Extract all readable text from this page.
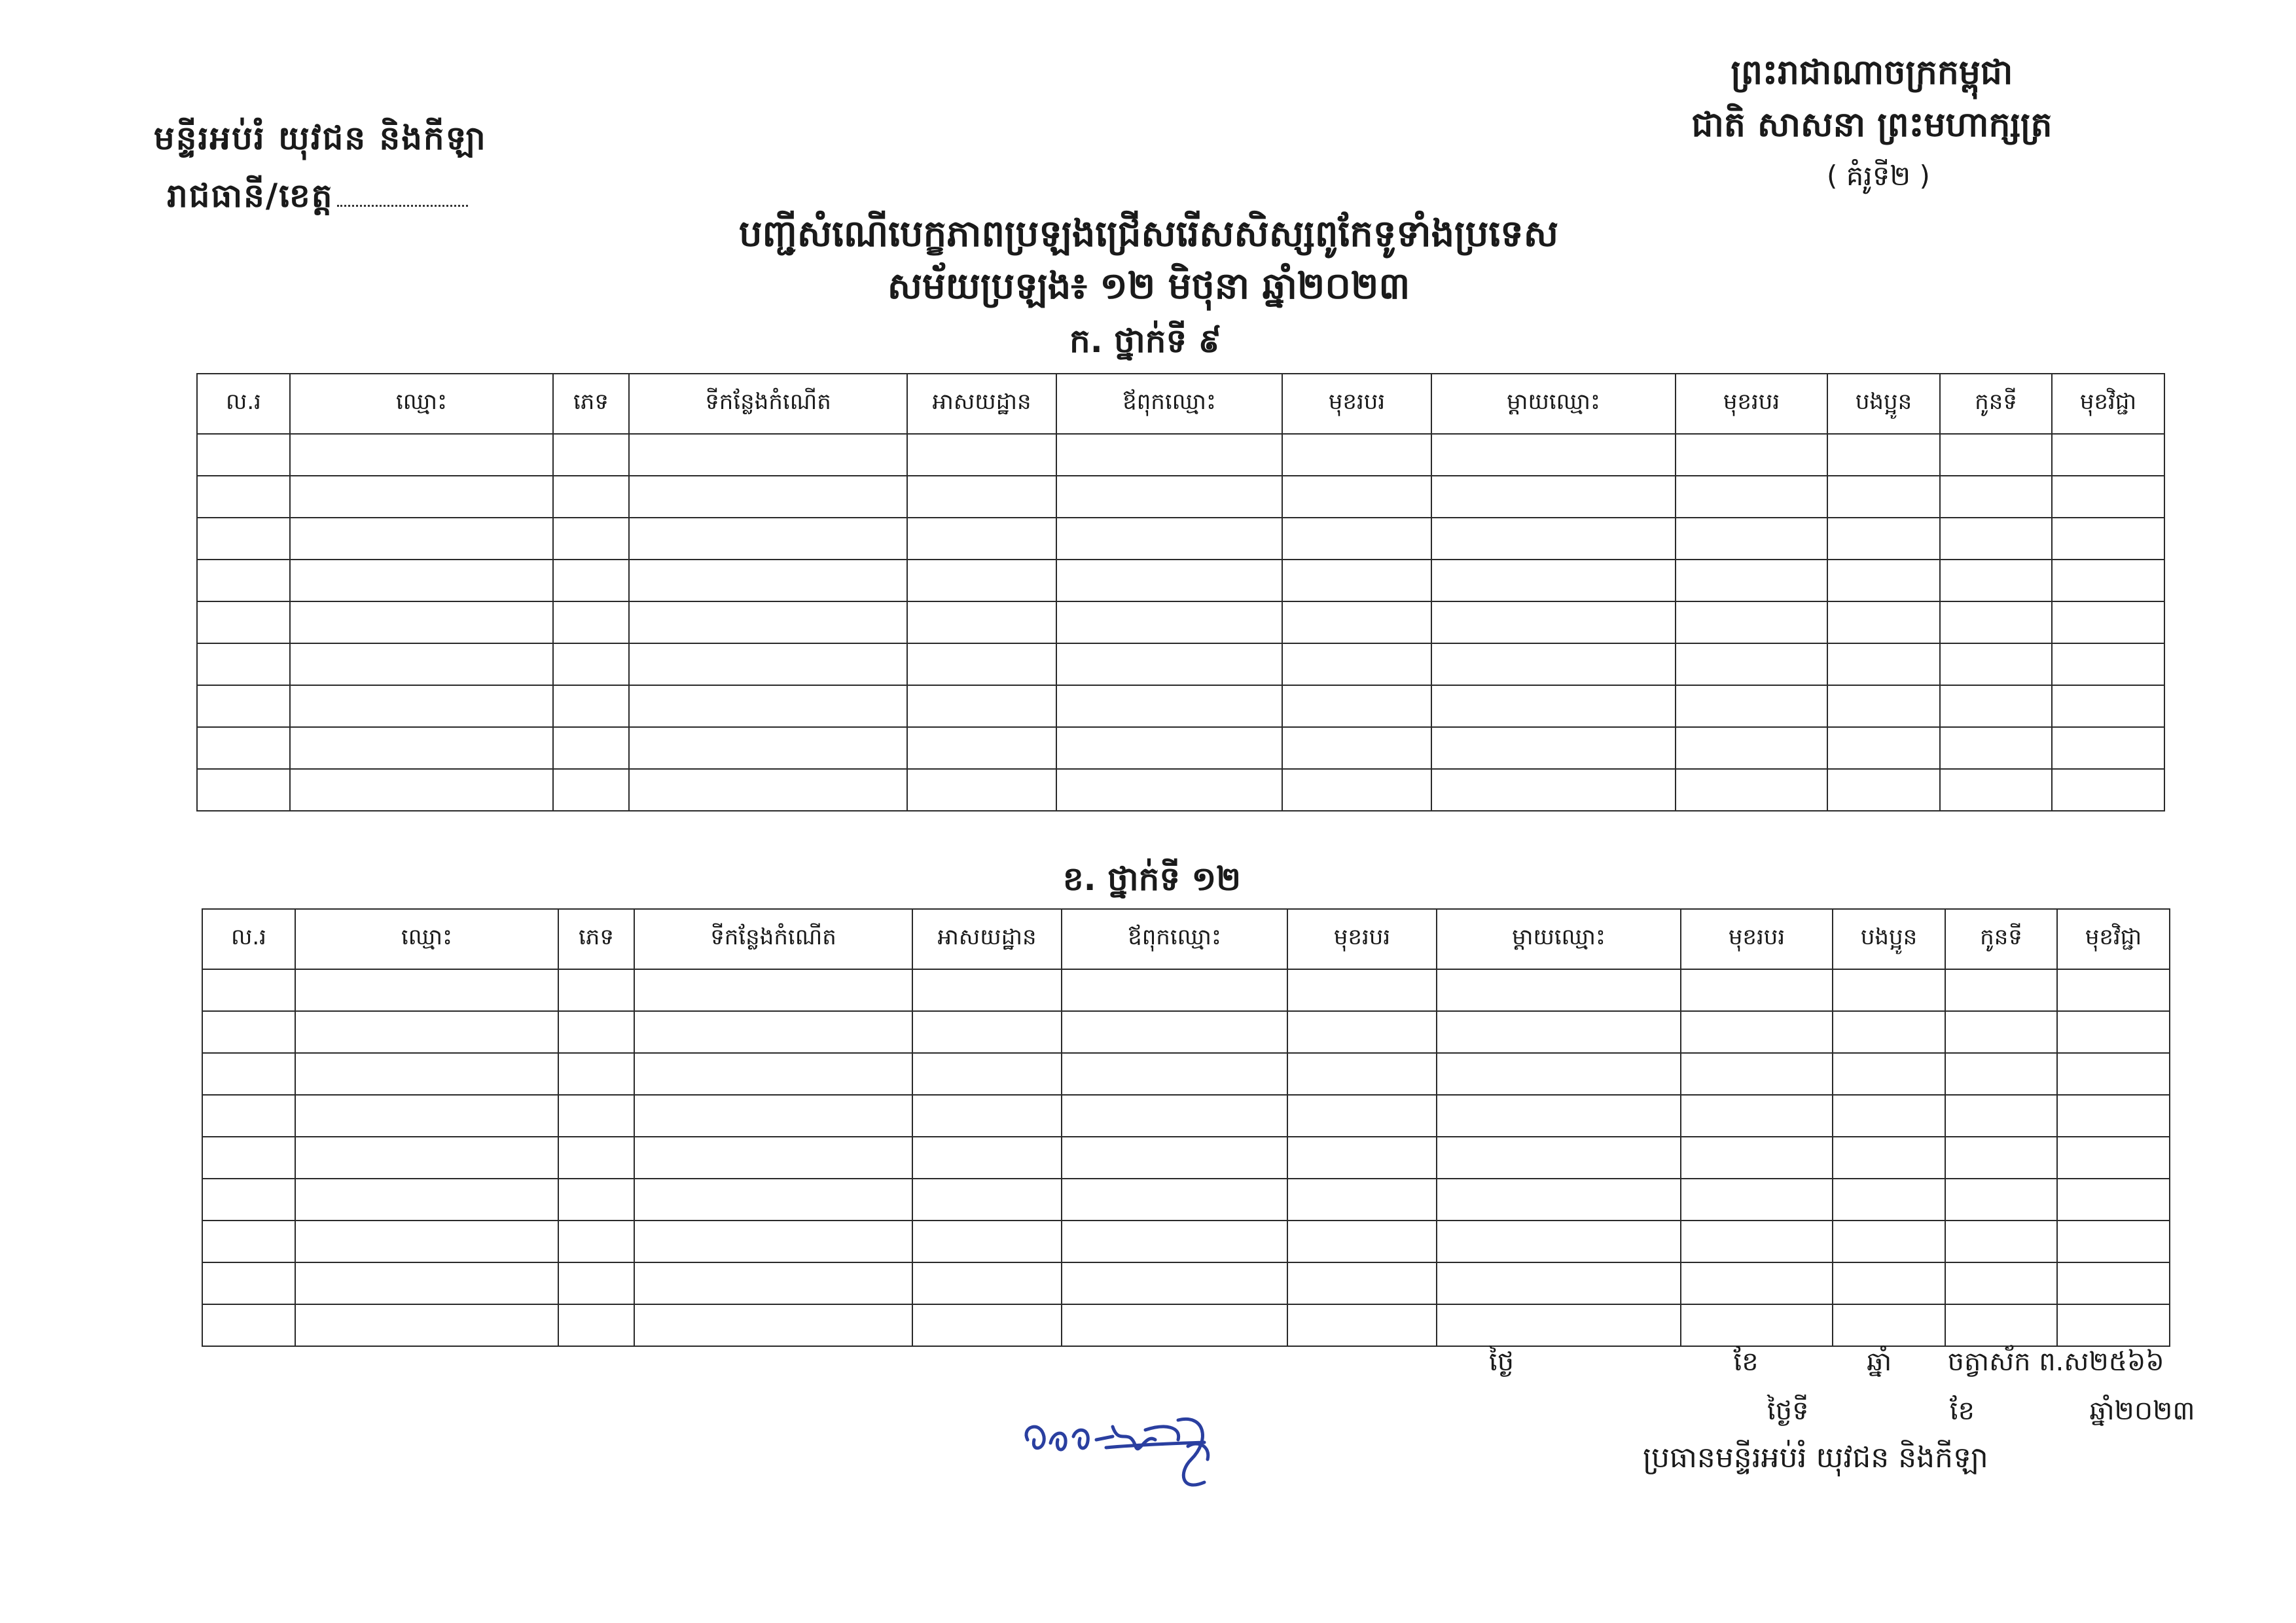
មន្ទីរអប់រំ យុវជន និងកីឡា
រាជធានី/ខេត្ត
ព្រះរាជាណាចក្រកម្ពុជា
ជាតិ សាសនា ព្រះមហាក្សត្រ
( គំរូទី២ )
បញ្ជីសំណើបេក្ខភាពប្រឡងជ្រើសរើសសិស្សពូកែទូទាំងប្រទេស
សម័យប្រឡង៖ ១២ មិថុនា ឆ្នាំ២០២៣
ក. ថ្នាក់ទី ៩
ល.រ	ឈ្មោះ	ភេទ	ទីកន្លែងកំណើត	អាសយដ្ឋាន	ឪពុកឈ្មោះ	មុខរបរ	ម្តាយឈ្មោះ	មុខរបរ	បងប្អូន	កូនទី	មុខវិជ្ជា

ខ. ថ្នាក់ទី ១២
ល.រ	ឈ្មោះ	ភេទ	ទីកន្លែងកំណើត	អាសយដ្ឋាន	ឪពុកឈ្មោះ	មុខរបរ	ម្តាយឈ្មោះ	មុខរបរ	បងប្អូន	កូនទី	មុខវិជ្ជា

ថ្ងៃ	ខែ	ឆ្នាំ ចត្វាស័ក ព.ស២៥៦៦
ថ្ងៃទី	ខែ	ឆ្នាំ២០២៣
ប្រធានមន្ទីរអប់រំ យុវជន និងកីឡា
